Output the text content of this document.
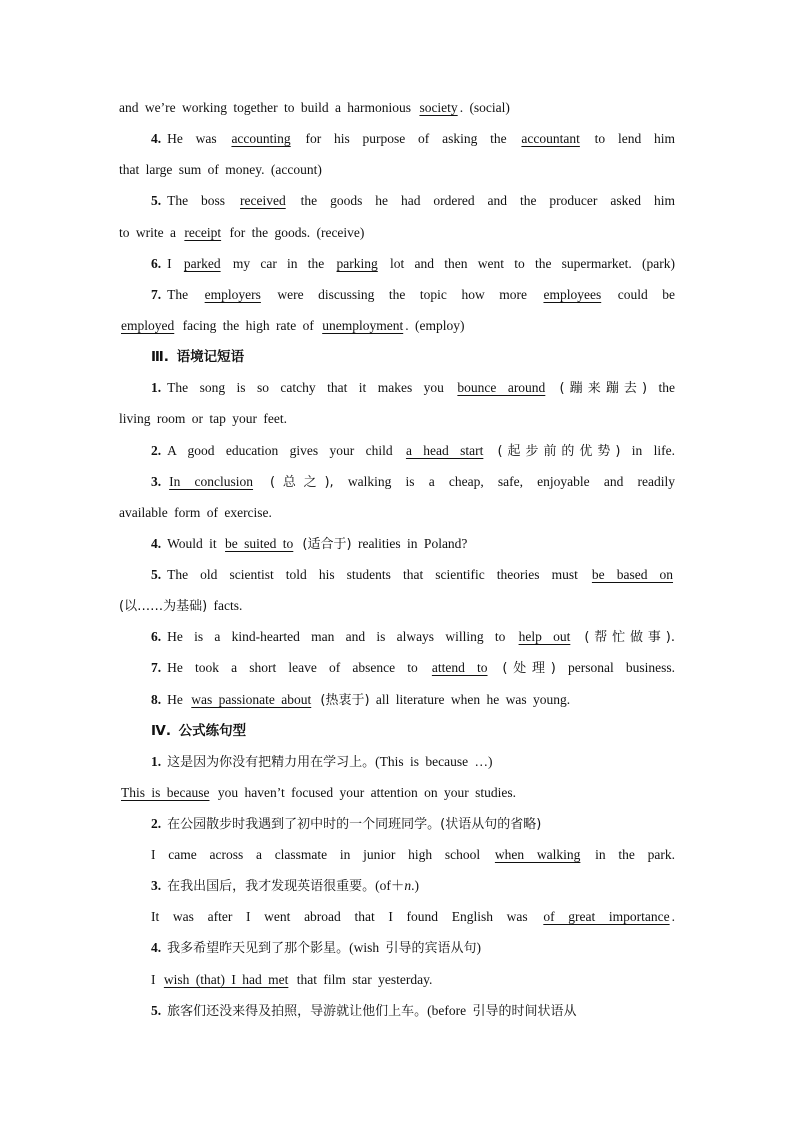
and we’re working together to build a harmonious society . (social)
4. He was accounting for his purpose of asking the accountant to lend him
that large sum of money. (account)
5. The boss received the goods he had ordered and the producer asked him
to write a receipt for the goods. (receive)
6. I parked my car in the parking lot and then went to the supermarket. (park)
7. The employers were discussing the topic how more employees could be
employed facing the high rate of unemployment . (employ)
Ⅲ. 语境记短语
1. The song is so catchy that it makes you bounce around (蹦来蹦去) the
living room or tap your feet.
2. A good education gives your child a head start (起步前的优势) in life.
3. In conclusion (总之), walking is a cheap, safe, enjoyable and readily
available form of exercise.
4. Would it be suited to (适合于) realities in Poland?
5. The old scientist told his students that scientific theories must be based on
(以……为基础) facts.
6. He is a kind-hearted man and is always willing to help out (帮忙做事).
7. He took a short leave of absence to attend to (处理) personal business.
8. He was passionate about (热衷于) all literature when he was young.
Ⅳ. 公式练句型
1. 这是因为你没有把精力用在学习上。(This is because …)
This is because you haven’t focused your attention on your studies.
2. 在公园散步时我遇到了初中时的一个同班同学。(状语从句的省略)
I came across a classmate in junior high school when walking in the park.
3. 在我出国后，我才发现英语很重要。(of＋n.)
It was after I went abroad that I found English was of great importance .
4. 我多希望昨天见到了那个影星。(wish 引导的宾语从句)
I wish (that) I had met that film star yesterday.
5. 旅客们还没来得及拍照，导游就让他们上车。(before 引导的时间状语从
